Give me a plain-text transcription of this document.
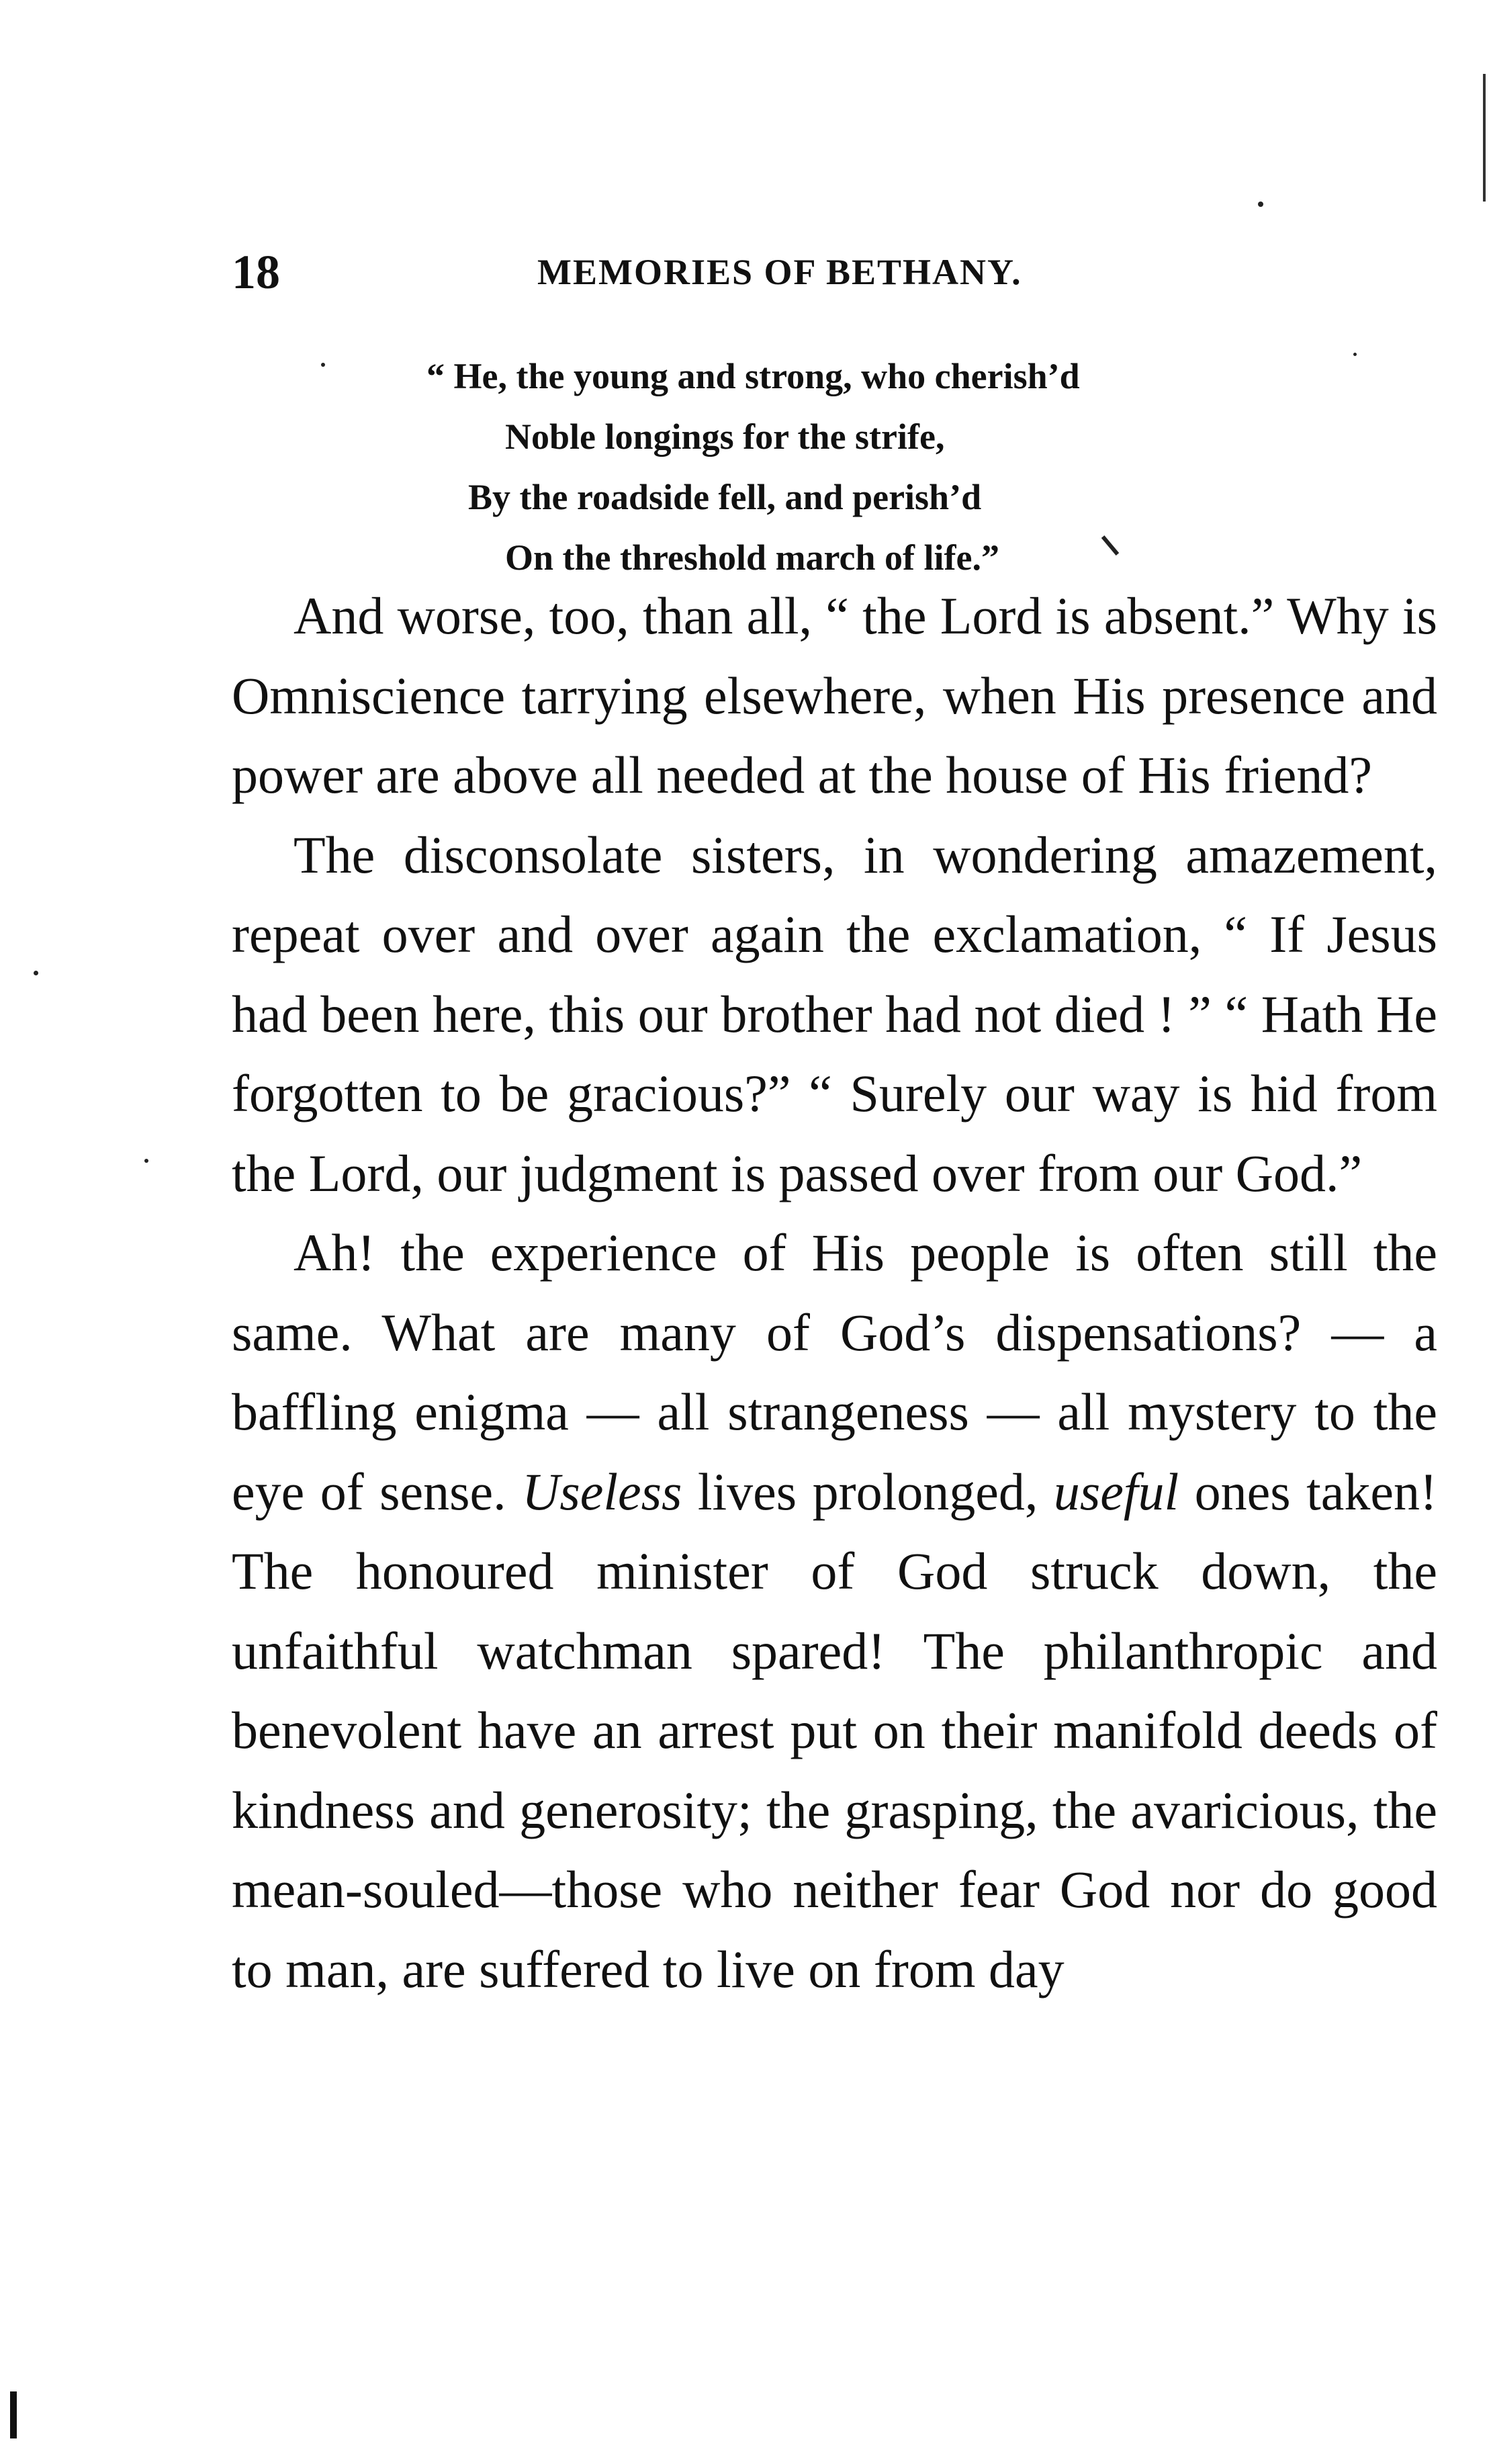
18	MEMORIES OF BETHANY.
“ He, the young and strong, who cherish’d
Noble longings for the strife,
By the roadside fell, and perish’d
On the threshold march of life.”

And worse, too, than all, “ the Lord is absent.” Why is Omniscience tarrying elsewhere, when His presence and power are above all needed at the house of His friend?

The disconsolate sisters, in wondering amazement, repeat over and over again the exclamation, “ If Jesus had been here, this our brother had not died ! ” “ Hath He forgotten to be gracious?” “ Surely our way is hid from the Lord, our judgment is passed over from our God.”

Ah! the experience of His people is often still the same. What are many of God’s dispensations? — a baffling enigma — all strangeness — all mystery to the eye of sense. Useless lives prolonged, useful ones taken! The honoured minister of God struck down, the unfaithful watchman spared! The philanthropic and benevolent have an arrest put on their manifold deeds of kindness and generosity; the grasping, the avaricious, the mean-souled—those who neither fear God nor do good to man, are suffered to live on from day
